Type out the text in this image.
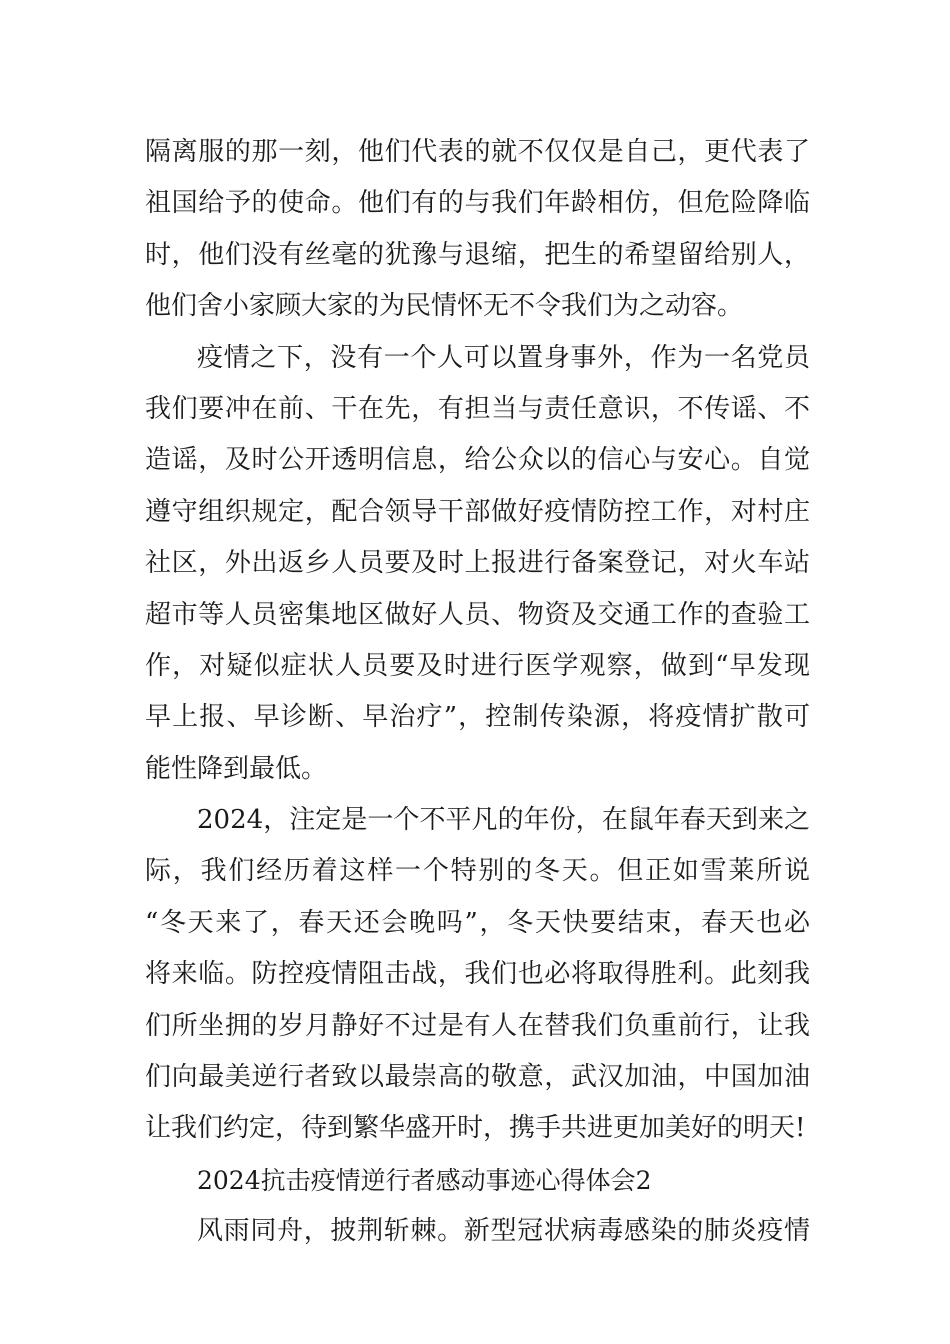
隔离服的那一刻，他们代表的就不仅仅是自己，更代表了
祖国给予的使命。他们有的与我们年龄相仿，但危险降临
时，他们没有丝毫的犹豫与退缩，把生的希望留给别人，
他们舍小家顾大家的为民情怀无不令我们为之动容。
疫情之下，没有一个人可以置身事外，作为一名党员
我们要冲在前、干在先，有担当与责任意识，不传谣、不
造谣，及时公开透明信息，给公众以的信心与安心。自觉
遵守组织规定，配合领导干部做好疫情防控工作，对村庄
社区，外出返乡人员要及时上报进行备案登记，对火车站
超市等人员密集地区做好人员、物资及交通工作的查验工
作，对疑似症状人员要及时进行医学观察，做到“早发现
早上报、早诊断、早治疗”，控制传染源，将疫情扩散可
能性降到最低。
2024，注定是一个不平凡的年份，在鼠年春天到来之
际，我们经历着这样一个特别的冬天。但正如雪莱所说
“冬天来了，春天还会晚吗”，冬天快要结束，春天也必
将来临。防控疫情阻击战，我们也必将取得胜利。此刻我
们所坐拥的岁月静好不过是有人在替我们负重前行，让我
们向最美逆行者致以最崇高的敬意，武汉加油，中国加油
让我们约定，待到繁华盛开时，携手共进更加美好的明天!
2024抗击疫情逆行者感动事迹心得体会2
风雨同舟，披荆斩棘。新型冠状病毒感染的肺炎疫情
